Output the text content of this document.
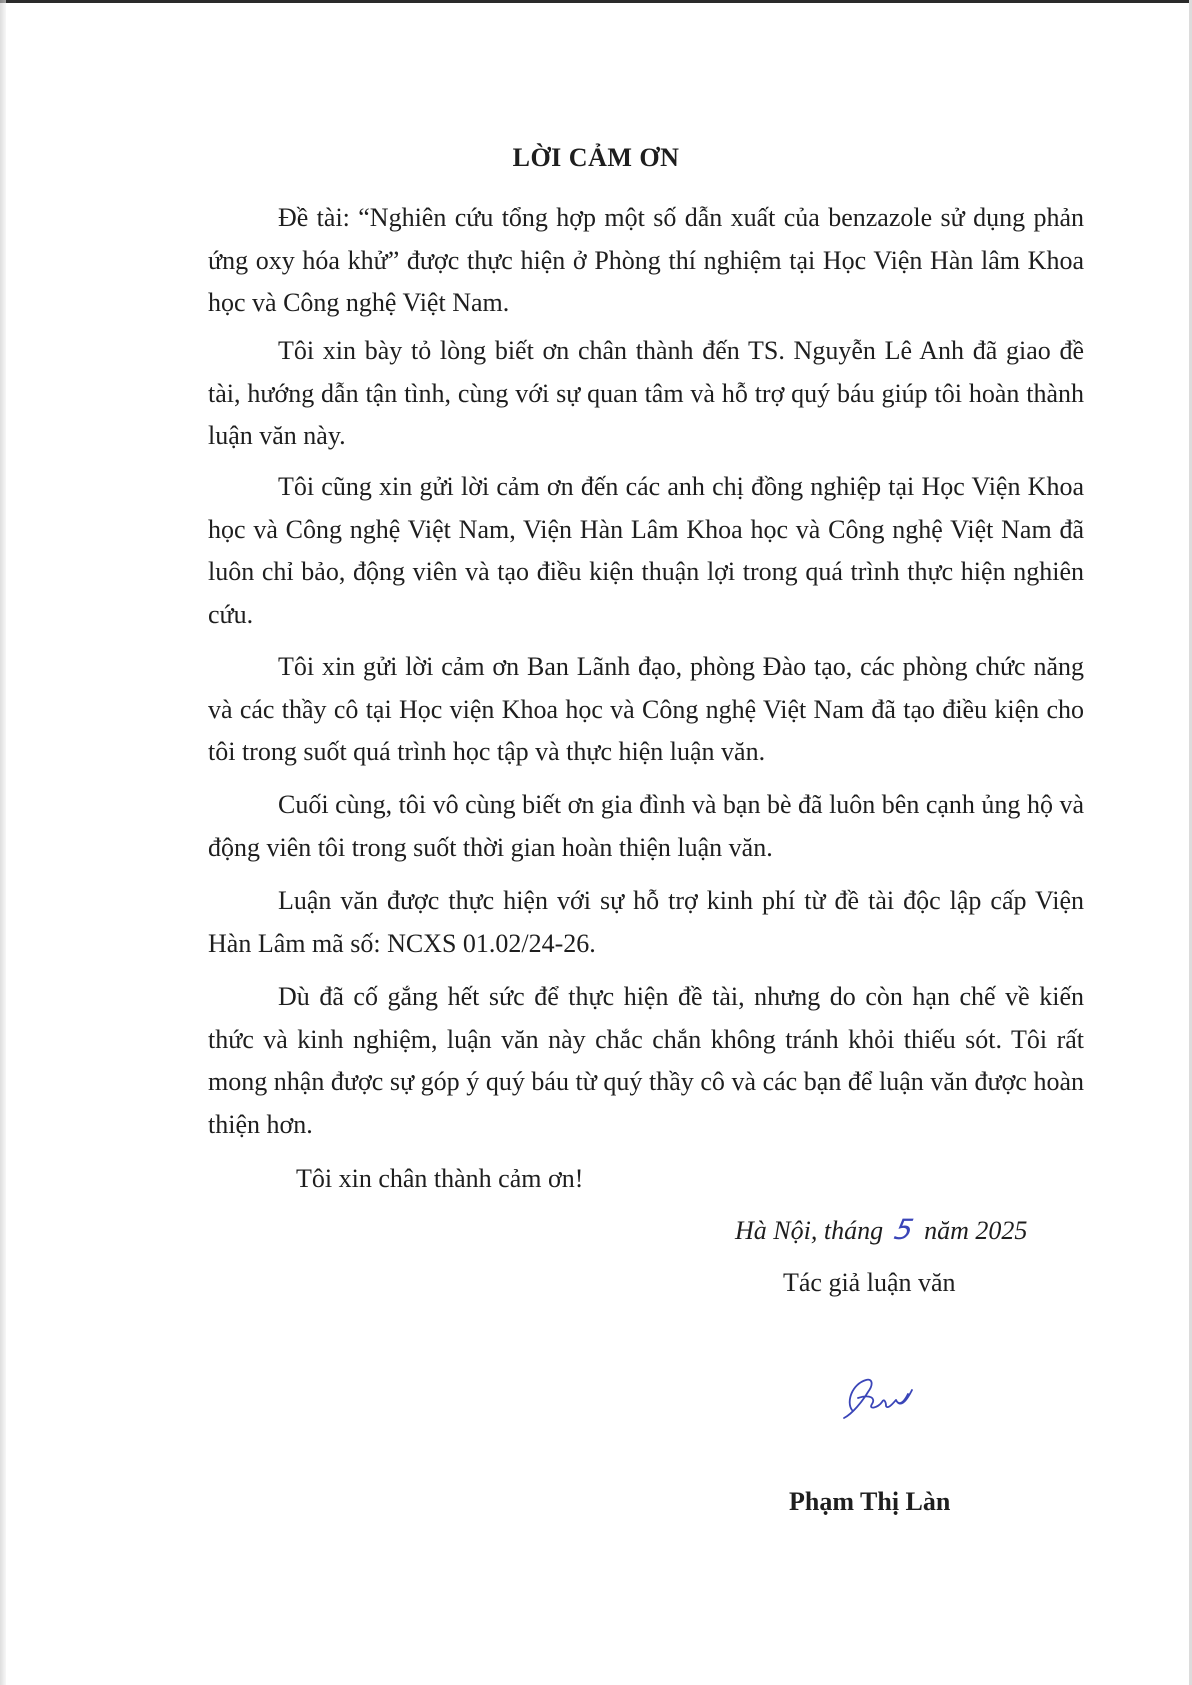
LỜI CẢM ƠN

Đề tài: “Nghiên cứu tổng hợp một số dẫn xuất của benzazole sử dụng phản ứng oxy hóa khử” được thực hiện ở Phòng thí nghiệm tại Học Viện Hàn lâm Khoa học và Công nghệ Việt Nam.

Tôi xin bày tỏ lòng biết ơn chân thành đến TS. Nguyễn Lê Anh đã giao đề tài, hướng dẫn tận tình, cùng với sự quan tâm và hỗ trợ quý báu giúp tôi hoàn thành luận văn này.

Tôi cũng xin gửi lời cảm ơn đến các anh chị đồng nghiệp tại Học Viện Khoa học và Công nghệ Việt Nam, Viện Hàn Lâm Khoa học và Công nghệ Việt Nam đã luôn chỉ bảo, động viên và tạo điều kiện thuận lợi trong quá trình thực hiện nghiên cứu.

Tôi xin gửi lời cảm ơn Ban Lãnh đạo, phòng Đào tạo, các phòng chức năng và các thầy cô tại Học viện Khoa học và Công nghệ Việt Nam đã tạo điều kiện cho tôi trong suốt quá trình học tập và thực hiện luận văn.

Cuối cùng, tôi vô cùng biết ơn gia đình và bạn bè đã luôn bên cạnh ủng hộ và động viên tôi trong suốt thời gian hoàn thiện luận văn.

Luận văn được thực hiện với sự hỗ trợ kinh phí từ đề tài độc lập cấp Viện Hàn Lâm mã số: NCXS 01.02/24-26.

Dù đã cố gắng hết sức để thực hiện đề tài, nhưng do còn hạn chế về kiến thức và kinh nghiệm, luận văn này chắc chắn không tránh khỏi thiếu sót. Tôi rất mong nhận được sự góp ý quý báu từ quý thầy cô và các bạn để luận văn được hoàn thiện hơn.

Tôi xin chân thành cảm ơn!

Hà Nội, tháng 5 năm 2025

Tác giả luận văn

Phạm Thị Làn
